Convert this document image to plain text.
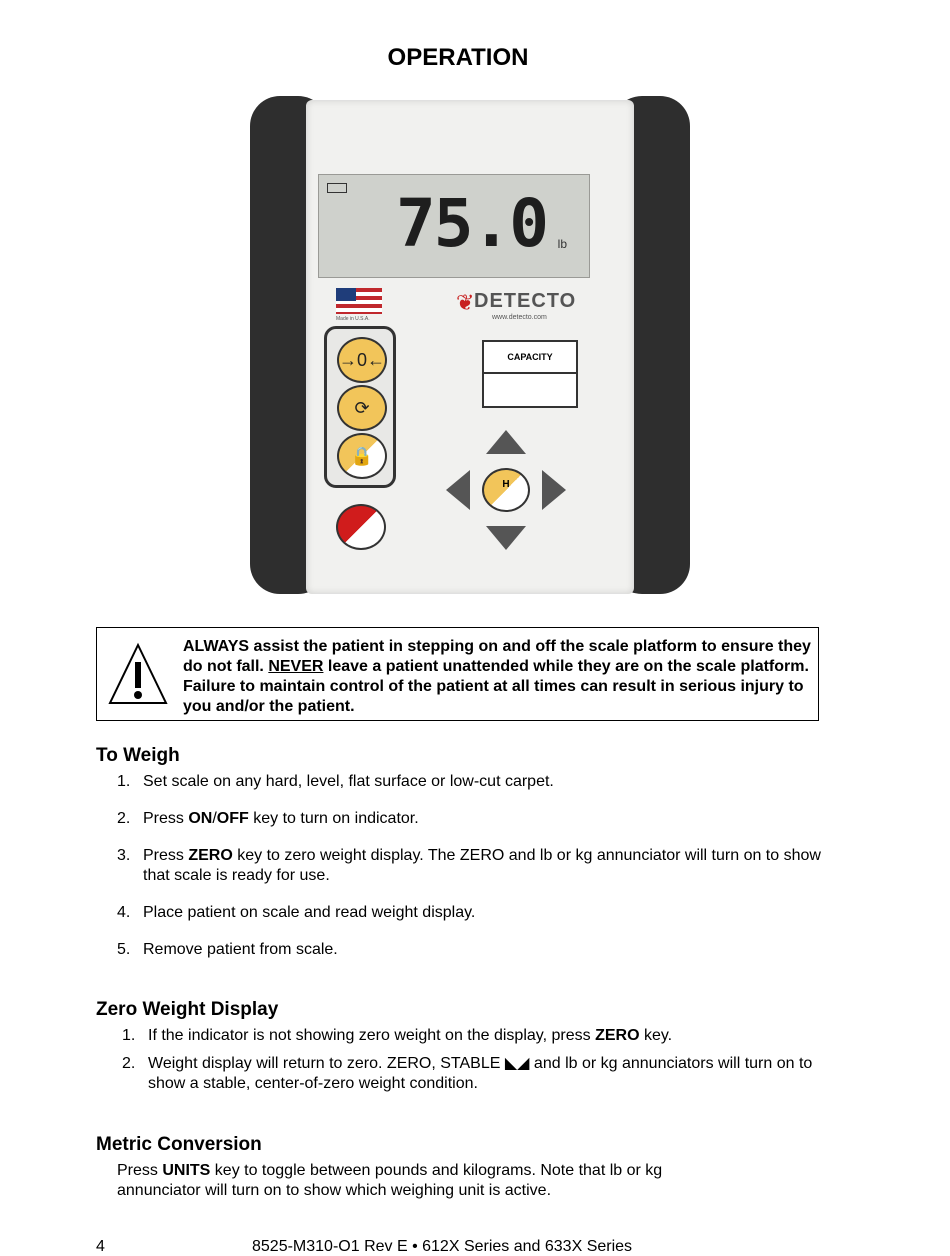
OPERATION
75.0 lb
Made in U.S.A.
❦ DETECTO
www.detecto.com
→0←
⟳
🔒
CAPACITY
H
ALWAYS assist the patient in stepping on and off the scale platform to ensure they do not fall. NEVER leave a patient unattended while they are on the scale platform. Failure to maintain control of the patient at all times can result in serious injury to you and/or the patient.
To Weigh
1. Set scale on any hard, level, flat surface or low-cut carpet.
2. Press ON/OFF key to turn on indicator.
3. Press ZERO key to zero weight display. The ZERO and lb or kg annunciator will turn on to show that scale is ready for use.
4. Place patient on scale and read weight display.
5. Remove patient from scale.
Zero Weight Display
1. If the indicator is not showing zero weight on the display, press ZERO key.
2. Weight display will return to zero. ZERO, STABLE ◣◢ and lb or kg annunciators will turn on to show a stable, center-of-zero weight condition.
Metric Conversion
Press UNITS key to toggle between pounds and kilograms. Note that lb or kg annunciator will turn on to show which weighing unit is active.
4	8525-M310-O1 Rev E • 612X Series and 633X Series
